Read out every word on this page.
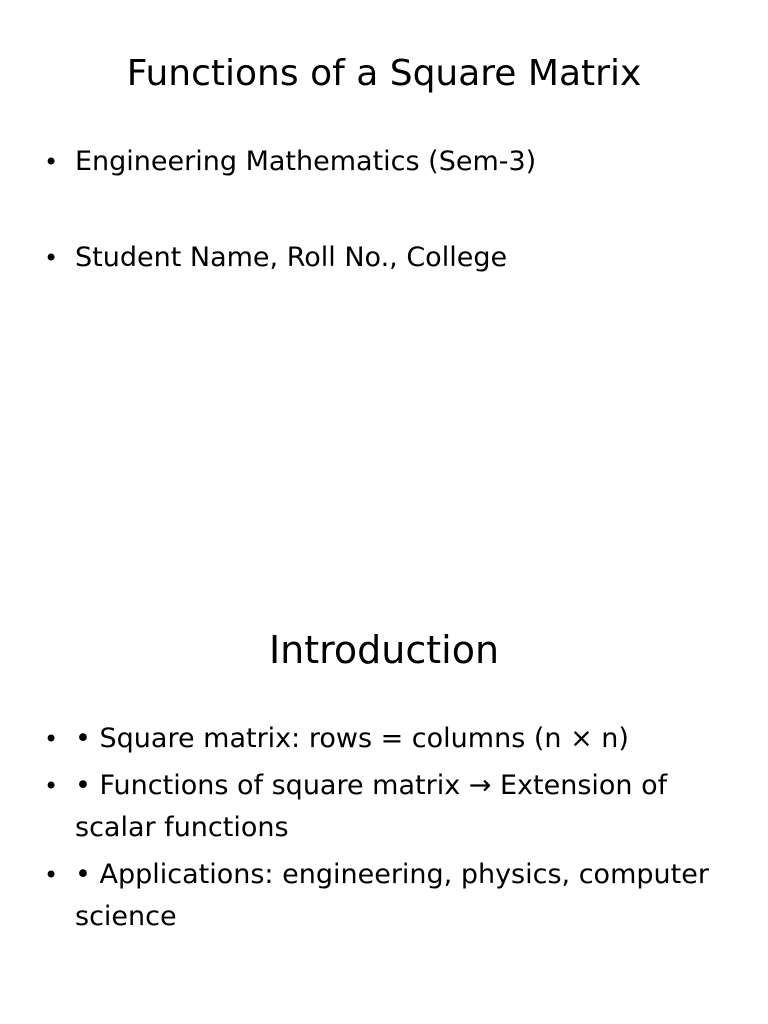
Functions of a Square Matrix
• Engineering Mathematics (Sem-3)
• Student Name, Roll No., College
Introduction
• • Square matrix: rows = columns (n × n)
• • Functions of square matrix → Extension of scalar functions
• • Applications: engineering, physics, computer science
